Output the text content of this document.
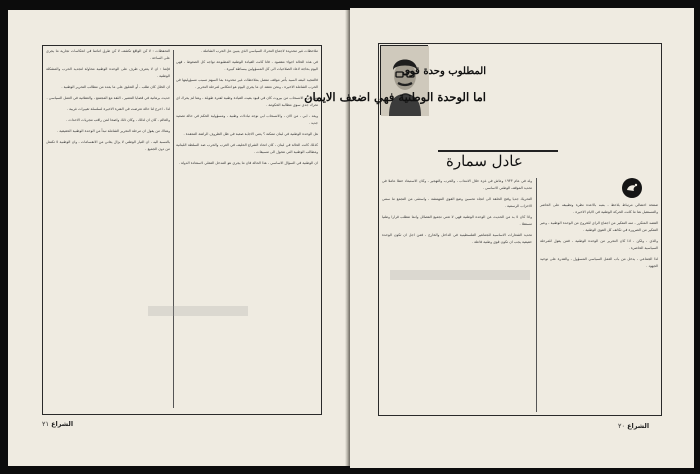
ملاحظات غير محدودة لاجماع التحرك السياسي الذي يتبين عل الحرب الشاملة .

في هذه الحالة اجواء مقصود ، فانا كانت القيادة الوطنية المطبوعة تواجه كل الضغوط ، فهي اليوم بحاجة لاعاد الصلاحيات الى كل المسؤولين ببساطة كبيرة .

فالمجيد اثبتته السيد بأمر موقف متصل بملاحظات غير محدودة بما السهم تسبب مسؤوليتها في الحرب الشاملة الاخيرة ، ونحن نعتقد ان ما يجري اليوم هو انعكاس لمرحلة التحرير .

مثل قرار الانسحاب من بيروت كان في قيود بقيت القيادة وطنية لفترة طويلة ، وهنا لم يحرك اي تحرك جدي سوى مطالبة الحكومة .

ويعد ، ابي ، من الان ، والانسحاب ابي نوجد تبادلات وطنية ، ومسؤولية الحكم في حالة تصعيد جديد .

هل الوحدة الوطنية في لبنان ممكنة ؟ يعني الاجابة صعبة في ظل الظروف الراهنة المعقدة .

كذلك كانت الحالة في لبنان ، كان اتحاد الشراع الحليف في الغرب والحرب ضد السلطة اللبنانية ومطالب الوطنية التي تتحول الى تنسيقات .

ان الوطنية في السؤال الاساسي ، هذا الحالة فان ما يجري هو المدخل الفعلي لاستعادة الدولة .

التحفظات : لا كن الواقع تكشف لا كن طرق امامنا في انعكاسات تجارية ما يجري على الساحة .

فإنما : ان لا يعترف طرف على الوحدة الوطنية محاولة لتجديد الحرب والمشكلة الوطنية .

ان الخلل كان طلب ، أو التعليق على ما بعده من مطالب التحرير الوطنية .

حديث برهانية في قضايا التعمير ، الثقة مع المجتمع ، والعقلانية في العمل السياسي .

لذا ، اخرج لنا حالة تعرضت في الفترة الاخيرة لسلسلة تغييرات غريبة .

والعالم ، كان ان لذلك ، وكان ذلك واضحا لمن راقب مجريات الاحداث .

وهناك من يقول ان مرحلة التحرير الشاملة تبدأ من الوحدة الوطنية الحقيقية .

بالنسبة اليه ، ان التيار الوطني لا يزال يعاني من الانقسامات ، وان الوطنية لا تكتمل من دون الجميع .

الشراع ٢١
المطلوب وحدة قوى
اما الوحدة الوطنية فهي اضعف الايمان
عادل سمارة

صفحة احتفالي مرتباط بلاحظ ، بنتبه بالاعدة نظرة وتطبيقه على الحاضر والمستقبل هنا ما كانت الحركة الوطنية في الايام الاخيرة .

القصد المتكرر ، منه التفكير من اجماع الراي للخروج من الوحدة الوطنية ، وعبر التفكير من الضرورة في تكاتف كل القوى الوطنية .

والذي ، ولكن ، اذا كان التحرير من الوحدة الوطنية ، فمن يقول للمرحلة السياسية الحاضرة .

لذا الجماعي ، يدخل من باب العمل السياسي المسؤول ، والقدرة على توحيد الجهود .

ولد في عام ١٩٣٣ وعاش في غزة خلال الانتداب ، والحرب والتهجير ، وكان الاستبعاد خطا عاملا في تحديد الموقف الوطني الاساسي .

التحريك جديا وفتح الحلقة الى اتجاه تحسين وضع القوى المهمشة ، واستثنى من التجمع ما سمي الاحزاب الرسمية .

واذا كان لا بد من الحديث عن الوحدة الوطنية فهي لا تعني تجميع الفصائل وانما تتطلب قرارا وطنيا مستقلا .

تحديد الشعارات الاساسية للجماهير الفلسطينية في الداخل والخارج ، فمن اجل ان تكون الوحدة حقيقية يجب ان تكون قوى وطنية فاعلة .

الشراع ٢٠
